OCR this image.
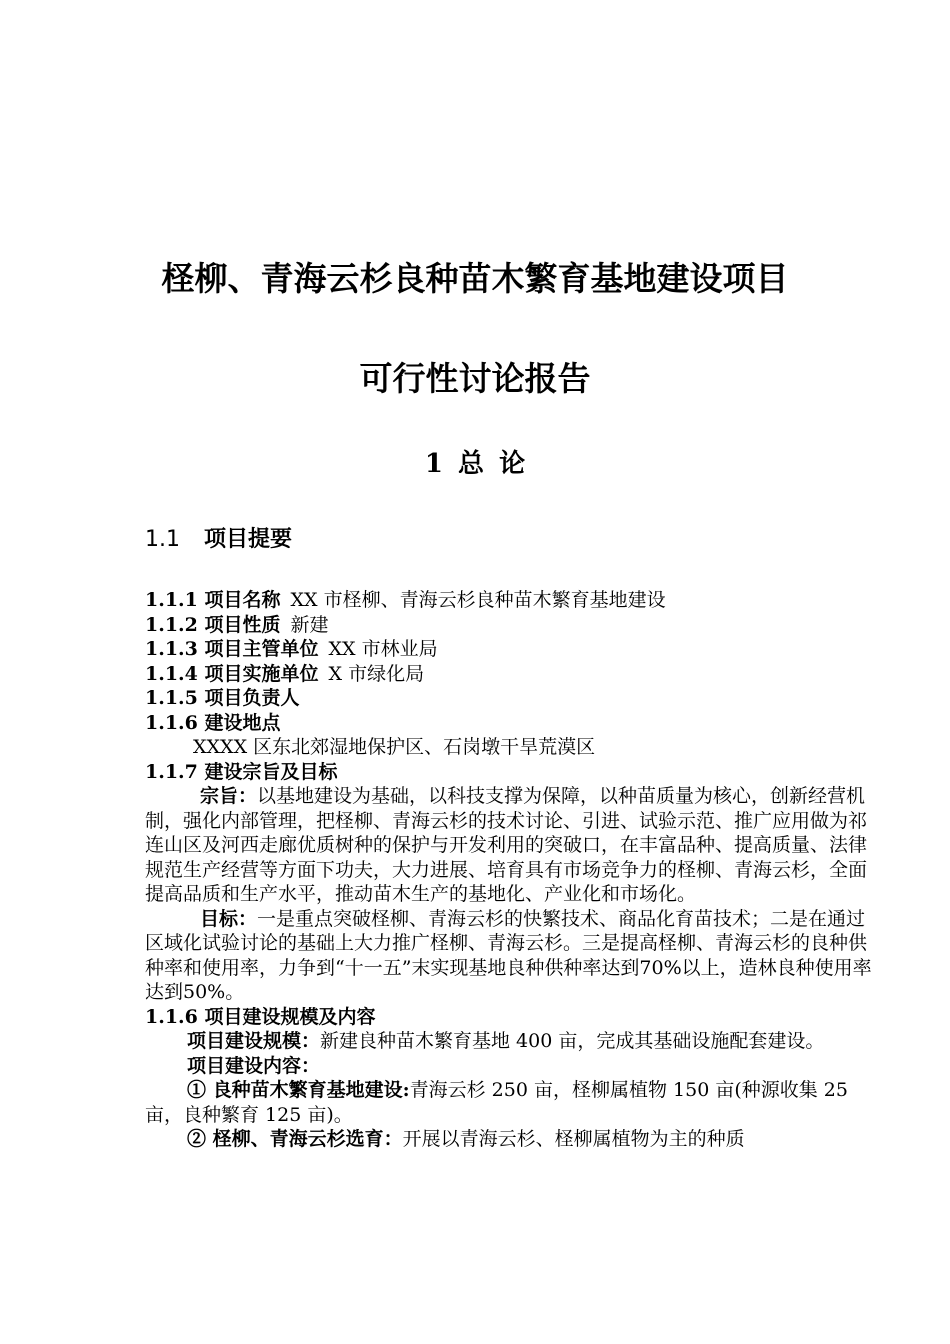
柽柳、青海云杉良种苗木繁育基地建设项目
可行性讨论报告
1 总 论
1.1 项目提要

1.1.1 项目名称 XX 市柽柳、青海云杉良种苗木繁育基地建设

1.1.2 项目性质 新建

1.1.3 项目主管单位 XX 市林业局

1.1.4 项目实施单位 X 市绿化局

1.1.5 项目负责人

1.1.6 建设地点

XXXX 区东北郊湿地保护区、石岗墩干旱荒漠区

1.1.7 建设宗旨及目标

宗旨：以基地建设为基础，以科技支撑为保障，以种苗质量为核心，创新经营机制，强化内部管理，把柽柳、青海云杉的技术讨论、引进、试验示范、推广应用做为祁连山区及河西走廊优质树种的保护与开发利用的突破口，在丰富品种、提高质量、法律规范生产经营等方面下功夫，大力进展、培育具有市场竞争力的柽柳、青海云杉，全面提高品质和生产水平，推动苗木生产的基地化、产业化和市场化。

目标：一是重点突破柽柳、青海云杉的快繁技术、商品化育苗技术；二是在通过区域化试验讨论的基础上大力推广柽柳、青海云杉。三是提高柽柳、青海云杉的良种供种率和使用率，力争到“十一五”末实现基地良种供种率达到70%以上，造林良种使用率达到50%。

1.1.6 项目建设规模及内容

项目建设规模：新建良种苗木繁育基地 400 亩，完成其基础设施配套建设。

项目建设内容：

① 良种苗木繁育基地建设:青海云杉 250 亩，柽柳属植物 150 亩(种源收集 25 亩，良种繁育 125 亩)。

② 柽柳、青海云杉选育：开展以青海云杉、柽柳属植物为主的种质
